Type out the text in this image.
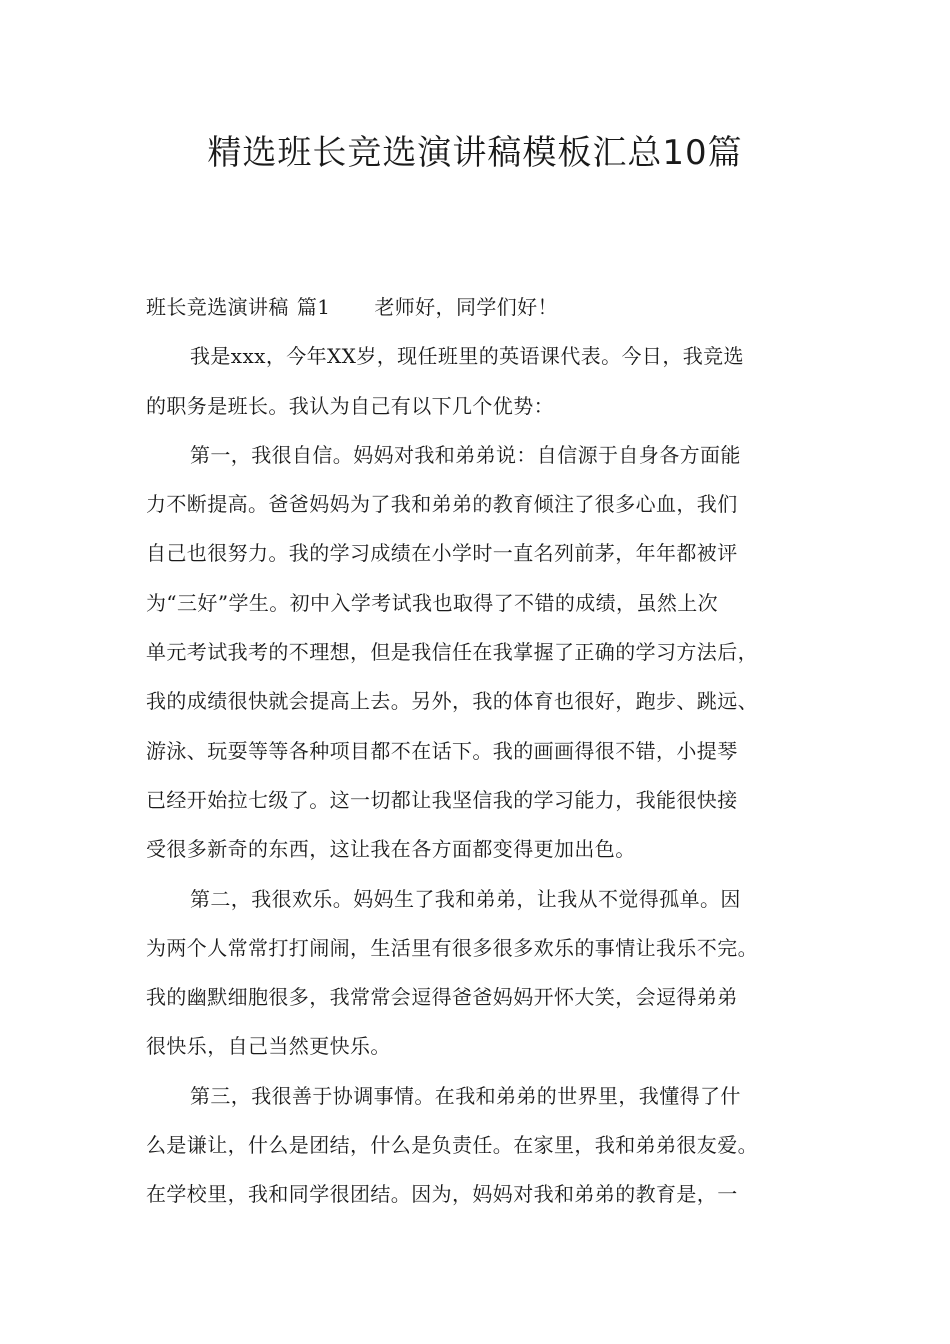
精选班长竞选演讲稿模板汇总10篇
班长竞选演讲稿 篇1 老师好，同学们好！
我是xxx，今年XX岁，现任班里的英语课代表。今日，我竞选
的职务是班长。我认为自己有以下几个优势：
第一，我很自信。妈妈对我和弟弟说：自信源于自身各方面能
力不断提高。爸爸妈妈为了我和弟弟的教育倾注了很多心血，我们
自己也很努力。我的学习成绩在小学时一直名列前茅，年年都被评
为“三好”学生。初中入学考试我也取得了不错的成绩，虽然上次
单元考试我考的不理想，但是我信任在我掌握了正确的学习方法后，
我的成绩很快就会提高上去。另外，我的体育也很好，跑步、跳远、
游泳、玩耍等等各种项目都不在话下。我的画画得很不错，小提琴
已经开始拉七级了。这一切都让我坚信我的学习能力，我能很快接
受很多新奇的东西，这让我在各方面都变得更加出色。
第二，我很欢乐。妈妈生了我和弟弟，让我从不觉得孤单。因
为两个人常常打打闹闹，生活里有很多很多欢乐的事情让我乐不完。
我的幽默细胞很多，我常常会逗得爸爸妈妈开怀大笑，会逗得弟弟
很快乐，自己当然更快乐。
第三，我很善于协调事情。在我和弟弟的世界里，我懂得了什
么是谦让，什么是团结，什么是负责任。在家里，我和弟弟很友爱。
在学校里，我和同学很团结。因为，妈妈对我和弟弟的教育是，一
